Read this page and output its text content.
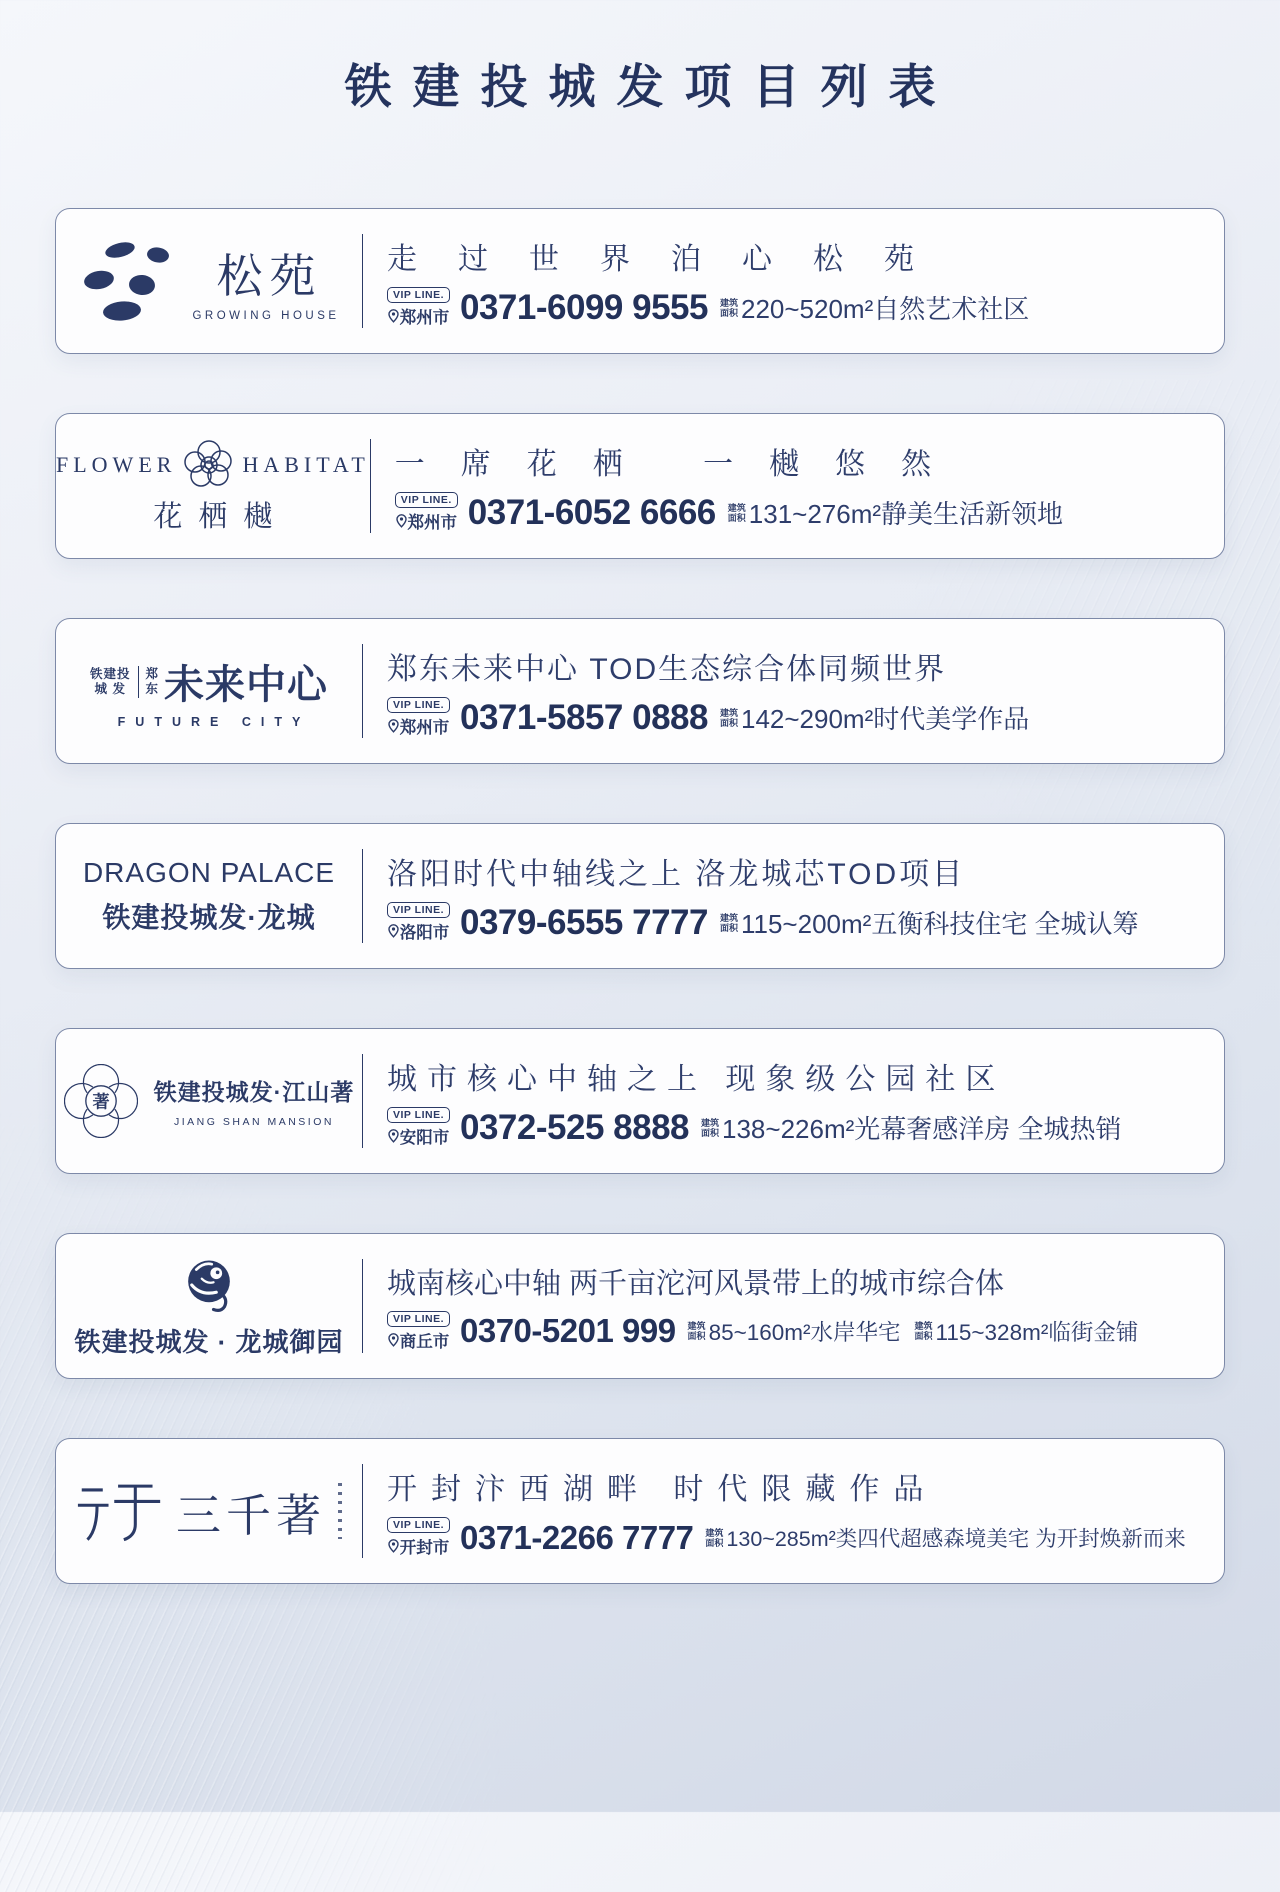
铁建投城发项目列表
松苑
GROWING HOUSE
走过世界泊心松苑
VIP LINE.
郑州市 0371-6099 9555 建筑
面积 220~520m²自然艺术社区
FLOWER	HABITAT
花栖樾
一席花栖 一樾悠然
VIP LINE.
郑州市 0371-6052 6666 建筑
面积 131~276m²静美生活新领地
铁建投
城 发
郑
东 未来中心
FUTURE CITY
郑东未来中心 TOD生态综合体同频世界
VIP LINE.
郑州市 0371-5857 0888 建筑
面积 142~290m²时代美学作品
DRAGON PALACE
铁建投城发·龙城
洛阳时代中轴线之上 洛龙城芯TOD项目
VIP LINE.
洛阳市 0379-6555 7777 建筑
面积 115~200m²五衡科技住宅 全城认筹
著 铁建投城发·江山著
JIANG SHAN MANSION
城市核心中轴之上 现象级公园社区
VIP LINE.
安阳市 0372-525 8888 建筑
面积 138~226m²光幕奢感洋房 全城热销
铁建投城发 · 龙城御园
城南核心中轴 两千亩沱河风景带上的城市综合体
VIP LINE.
商丘市 0370-5201 999 建筑
面积 85~160m²水岸华宅 建筑
面积 115~328m²临街金铺
三千著 开封汴西湖畔 时代限藏作品
VIP LINE.
开封市 0371-2266 7777 建筑
面积 130~285m²类四代超感森境美宅 为开封焕新而来
